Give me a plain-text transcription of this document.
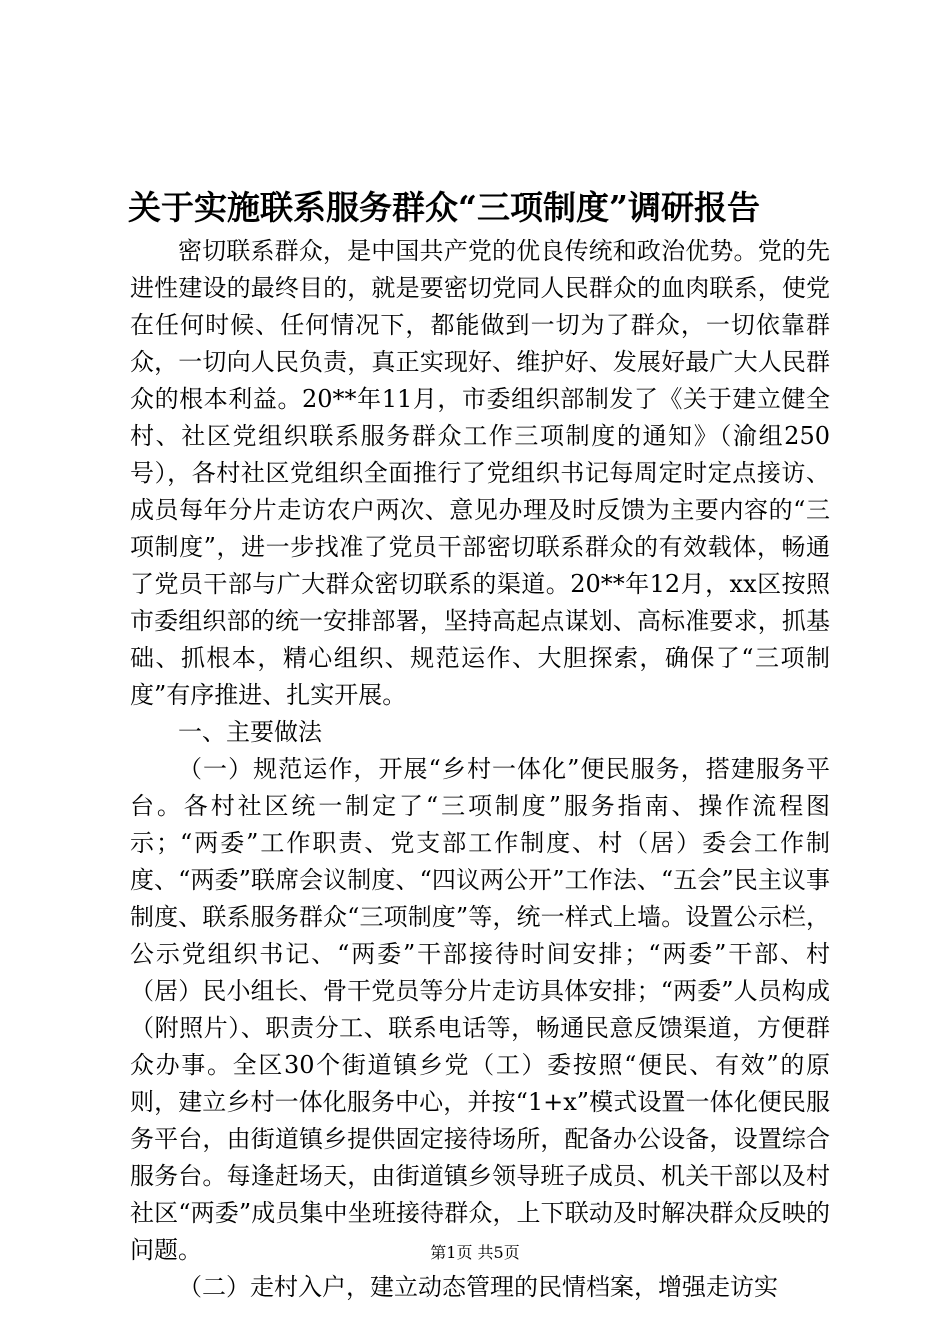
关于实施联系服务群众“三项制度”调研报告

密切联系群众，是中国共产党的优良传统和政治优势。党的先进性建设的最终目的，就是要密切党同人民群众的血肉联系，使党在任何时候、任何情况下，都能做到一切为了群众，一切依靠群众，一切向人民负责，真正实现好、维护好、发展好最广大人民群众的根本利益。20**年11月，市委组织部制发了《关于建立健全村、社区党组织联系服务群众工作三项制度的通知》（渝组250号），各村社区党组织全面推行了党组织书记每周定时定点接访、成员每年分片走访农户两次、意见办理及时反馈为主要内容的“三项制度”，进一步找准了党员干部密切联系群众的有效载体，畅通了党员干部与广大群众密切联系的渠道。20**年12月，xx区按照市委组织部的统一安排部署，坚持高起点谋划、高标准要求，抓基础、抓根本，精心组织、规范运作、大胆探索，确保了“三项制度”有序推进、扎实开展。

一、主要做法

（一）规范运作，开展“乡村一体化”便民服务，搭建服务平台。各村社区统一制定了“三项制度”服务指南、操作流程图示；“两委”工作职责、党支部工作制度、村（居）委会工作制度、“两委”联席会议制度、“四议两公开”工作法、“五会”民主议事制度、联系服务群众“三项制度”等，统一样式上墙。设置公示栏，公示党组织书记、“两委”干部接待时间安排；“两委”干部、村（居）民小组长、骨干党员等分片走访具体安排；“两委”人员构成（附照片）、职责分工、联系电话等，畅通民意反馈渠道，方便群众办事。全区30个街道镇乡党（工）委按照“便民、有效”的原则，建立乡村一体化服务中心，并按“1+x”模式设置一体化便民服务平台，由街道镇乡提供固定接待场所，配备办公设备，设置综合服务台。每逢赶场天，由街道镇乡领导班子成员、机关干部以及村社区“两委”成员集中坐班接待群众，上下联动及时解决群众反映的问题。

（二）走村入户，建立动态管理的民情档案，增强走访实

第1页 共5页
